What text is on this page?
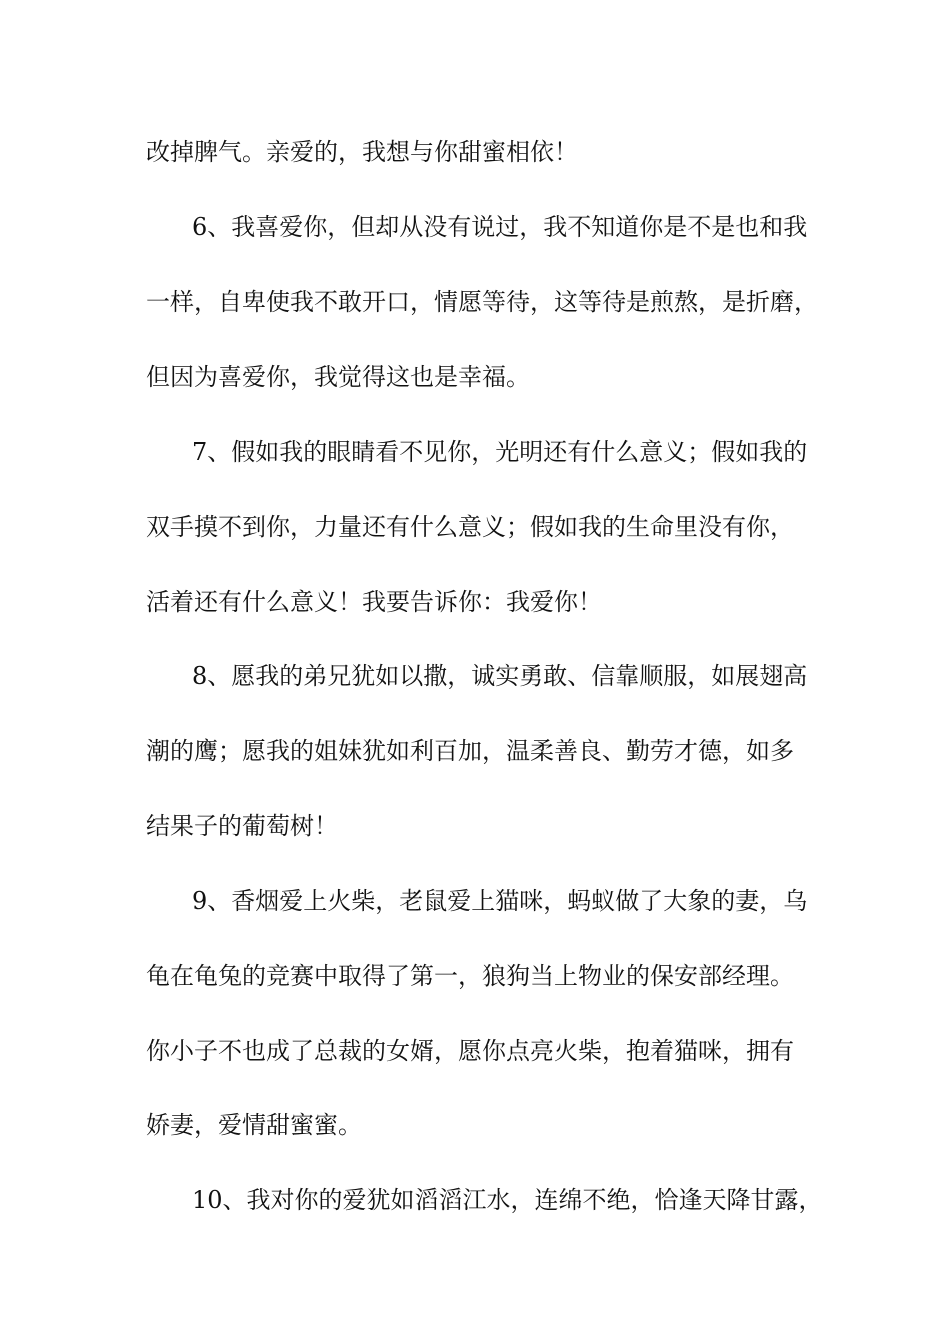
改掉脾气。亲爱的，我想与你甜蜜相依！
6、我喜爱你，但却从没有说过，我不知道你是不是也和我
一样，自卑使我不敢开口，情愿等待，这等待是煎熬，是折磨，
但因为喜爱你，我觉得这也是幸福。
7、假如我的眼睛看不见你，光明还有什么意义；假如我的
双手摸不到你，力量还有什么意义；假如我的生命里没有你，
活着还有什么意义！我要告诉你：我爱你！
8、愿我的弟兄犹如以撒，诚实勇敢、信靠顺服，如展翅高
潮的鹰；愿我的姐妹犹如利百加，温柔善良、勤劳才德，如多
结果子的葡萄树！
9、香烟爱上火柴，老鼠爱上猫咪，蚂蚁做了大象的妻，乌
龟在龟兔的竞赛中取得了第一，狼狗当上物业的保安部经理。
你小子不也成了总裁的女婿，愿你点亮火柴，抱着猫咪，拥有
娇妻，爱情甜蜜蜜。
10、我对你的爱犹如滔滔江水，连绵不绝，恰逢天降甘露，
